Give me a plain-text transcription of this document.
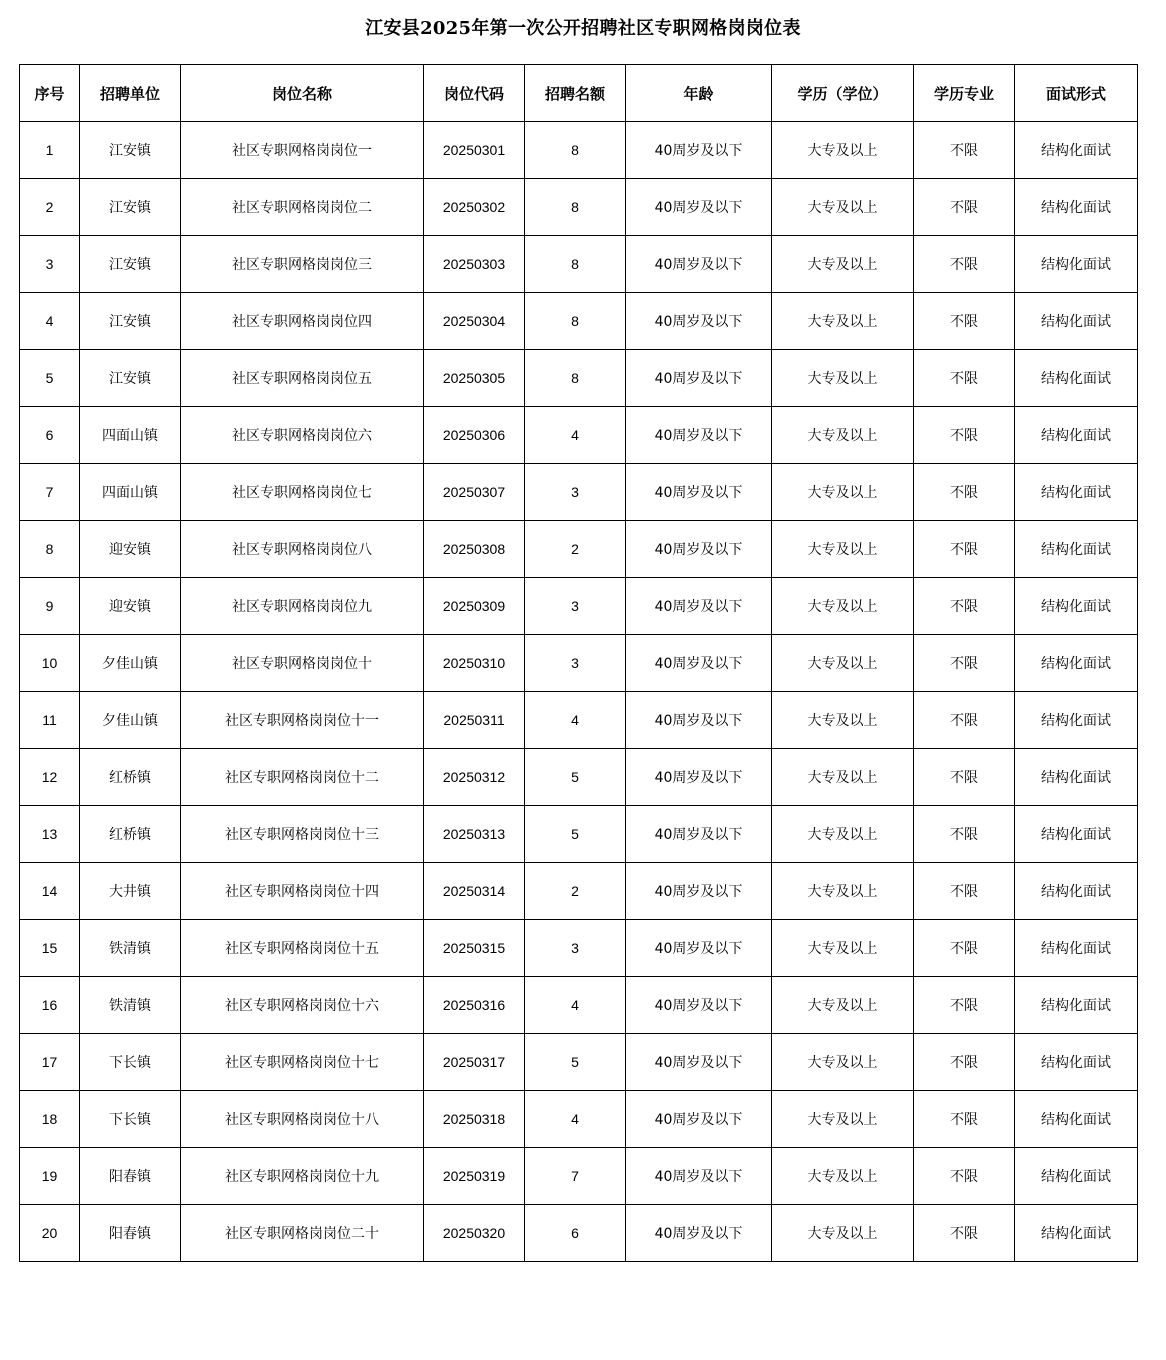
江安县2025年第一次公开招聘社区专职网格岗岗位表
序号	招聘单位	岗位名称	岗位代码	招聘名额	年龄	学历（学位）	学历专业	面试形式
1	江安镇	社区专职网格岗岗位一	20250301	8	40周岁及以下	大专及以上	不限	结构化面试
2	江安镇	社区专职网格岗岗位二	20250302	8	40周岁及以下	大专及以上	不限	结构化面试
3	江安镇	社区专职网格岗岗位三	20250303	8	40周岁及以下	大专及以上	不限	结构化面试
4	江安镇	社区专职网格岗岗位四	20250304	8	40周岁及以下	大专及以上	不限	结构化面试
5	江安镇	社区专职网格岗岗位五	20250305	8	40周岁及以下	大专及以上	不限	结构化面试
6	四面山镇	社区专职网格岗岗位六	20250306	4	40周岁及以下	大专及以上	不限	结构化面试
7	四面山镇	社区专职网格岗岗位七	20250307	3	40周岁及以下	大专及以上	不限	结构化面试
8	迎安镇	社区专职网格岗岗位八	20250308	2	40周岁及以下	大专及以上	不限	结构化面试
9	迎安镇	社区专职网格岗岗位九	20250309	3	40周岁及以下	大专及以上	不限	结构化面试
10	夕佳山镇	社区专职网格岗岗位十	20250310	3	40周岁及以下	大专及以上	不限	结构化面试
11	夕佳山镇	社区专职网格岗岗位十一	20250311	4	40周岁及以下	大专及以上	不限	结构化面试
12	红桥镇	社区专职网格岗岗位十二	20250312	5	40周岁及以下	大专及以上	不限	结构化面试
13	红桥镇	社区专职网格岗岗位十三	20250313	5	40周岁及以下	大专及以上	不限	结构化面试
14	大井镇	社区专职网格岗岗位十四	20250314	2	40周岁及以下	大专及以上	不限	结构化面试
15	铁清镇	社区专职网格岗岗位十五	20250315	3	40周岁及以下	大专及以上	不限	结构化面试
16	铁清镇	社区专职网格岗岗位十六	20250316	4	40周岁及以下	大专及以上	不限	结构化面试
17	下长镇	社区专职网格岗岗位十七	20250317	5	40周岁及以下	大专及以上	不限	结构化面试
18	下长镇	社区专职网格岗岗位十八	20250318	4	40周岁及以下	大专及以上	不限	结构化面试
19	阳春镇	社区专职网格岗岗位十九	20250319	7	40周岁及以下	大专及以上	不限	结构化面试
20	阳春镇	社区专职网格岗岗位二十	20250320	6	40周岁及以下	大专及以上	不限	结构化面试
